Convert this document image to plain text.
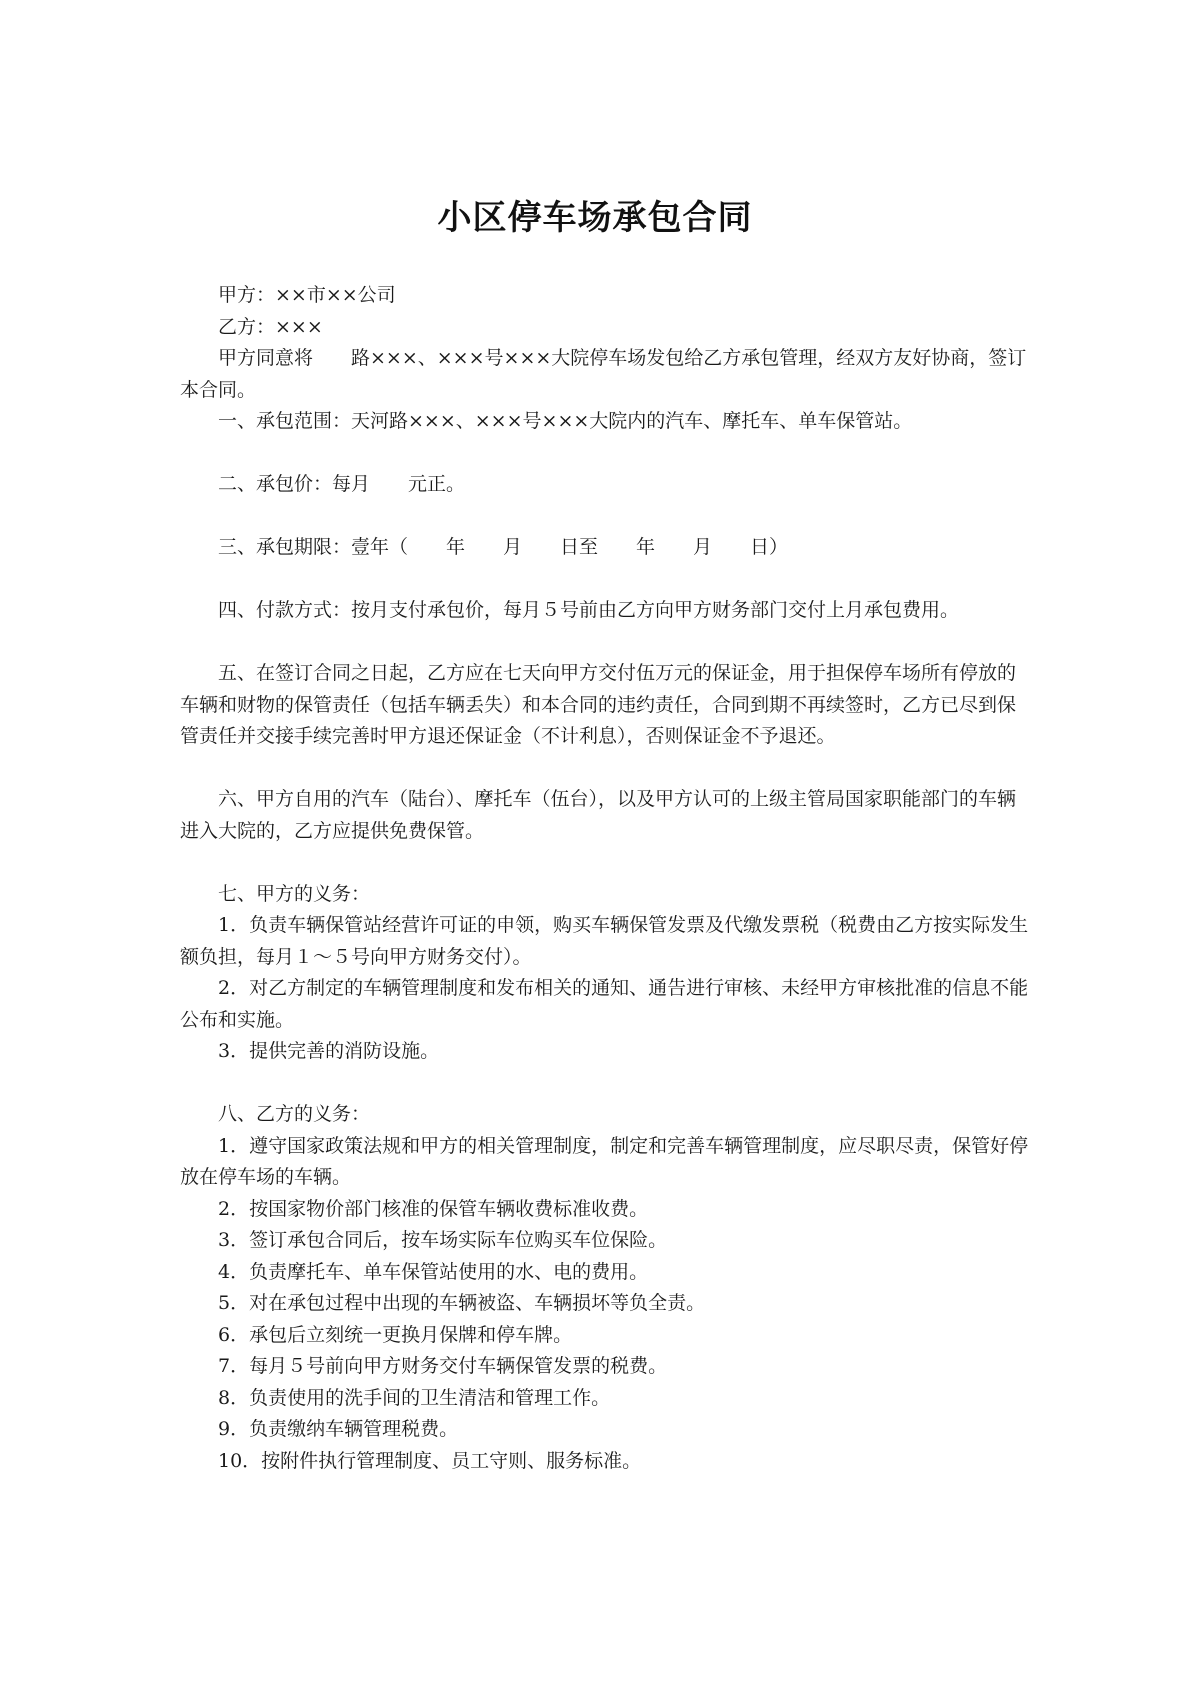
小区停车场承包合同

甲方：××市××公司

乙方：×××

甲方同意将　　路×××、×××号×××大院停车场发包给乙方承包管理，经双方友好协商，签订本合同。

一、承包范围：天河路×××、×××号×××大院内的汽车、摩托车、单车保管站。

二、承包价：每月　　元正。

三、承包期限：壹年（　　年　　月　　日至　　年　　月　　日）

四、付款方式：按月支付承包价，每月５号前由乙方向甲方财务部门交付上月承包费用。

五、在签订合同之日起，乙方应在七天向甲方交付伍万元的保证金，用于担保停车场所有停放的车辆和财物的保管责任（包括车辆丢失）和本合同的违约责任，合同到期不再续签时，乙方已尽到保管责任并交接手续完善时甲方退还保证金（不计利息），否则保证金不予退还。

六、甲方自用的汽车（陆台）、摩托车（伍台），以及甲方认可的上级主管局国家职能部门的车辆进入大院的，乙方应提供免费保管。

七、甲方的义务：

1．负责车辆保管站经营许可证的申领，购买车辆保管发票及代缴发票税（税费由乙方按实际发生额负担，每月１～５号向甲方财务交付）。

2．对乙方制定的车辆管理制度和发布相关的通知、通告进行审核、未经甲方审核批准的信息不能公布和实施。

3．提供完善的消防设施。

八、乙方的义务：

1．遵守国家政策法规和甲方的相关管理制度，制定和完善车辆管理制度，应尽职尽责，保管好停放在停车场的车辆。

2．按国家物价部门核准的保管车辆收费标准收费。

3．签订承包合同后，按车场实际车位购买车位保险。

4．负责摩托车、单车保管站使用的水、电的费用。

5．对在承包过程中出现的车辆被盗、车辆损坏等负全责。

6．承包后立刻统一更换月保牌和停车牌。

7．每月５号前向甲方财务交付车辆保管发票的税费。

8．负责使用的洗手间的卫生清洁和管理工作。

9．负责缴纳车辆管理税费。

10．按附件执行管理制度、员工守则、服务标准。
